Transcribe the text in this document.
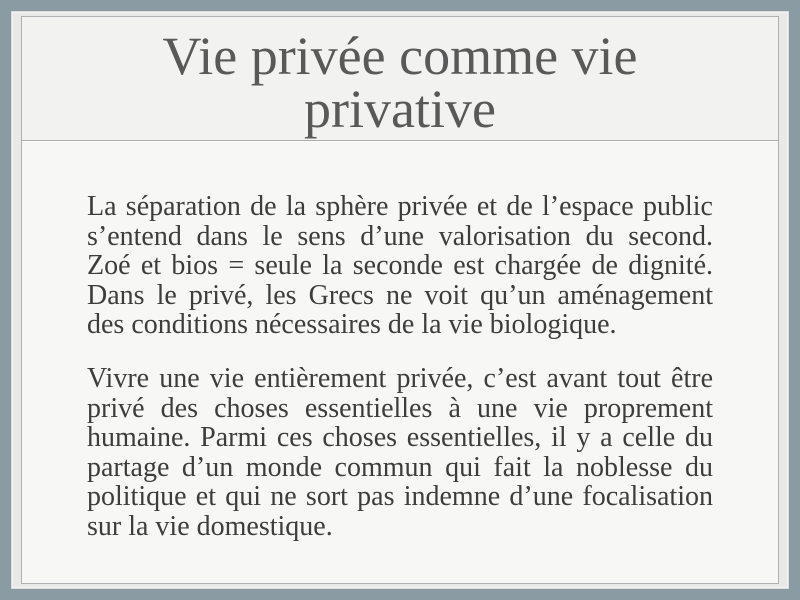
Vie privée comme vie privative
La séparation de la sphère privée et de l’espace public
s’entend dans le sens d’une valorisation du second.
Zoé et bios = seule la seconde est chargée de dignité.
Dans le privé, les Grecs ne voit qu’un aménagement
des conditions nécessaires de la vie biologique.
Vivre une vie entièrement privée, c’est avant tout être
privé des choses essentielles à une vie proprement
humaine. Parmi ces choses essentielles, il y a celle du
partage d’un monde commun qui fait la noblesse du
politique et qui ne sort pas indemne d’une focalisation
sur la vie domestique.
